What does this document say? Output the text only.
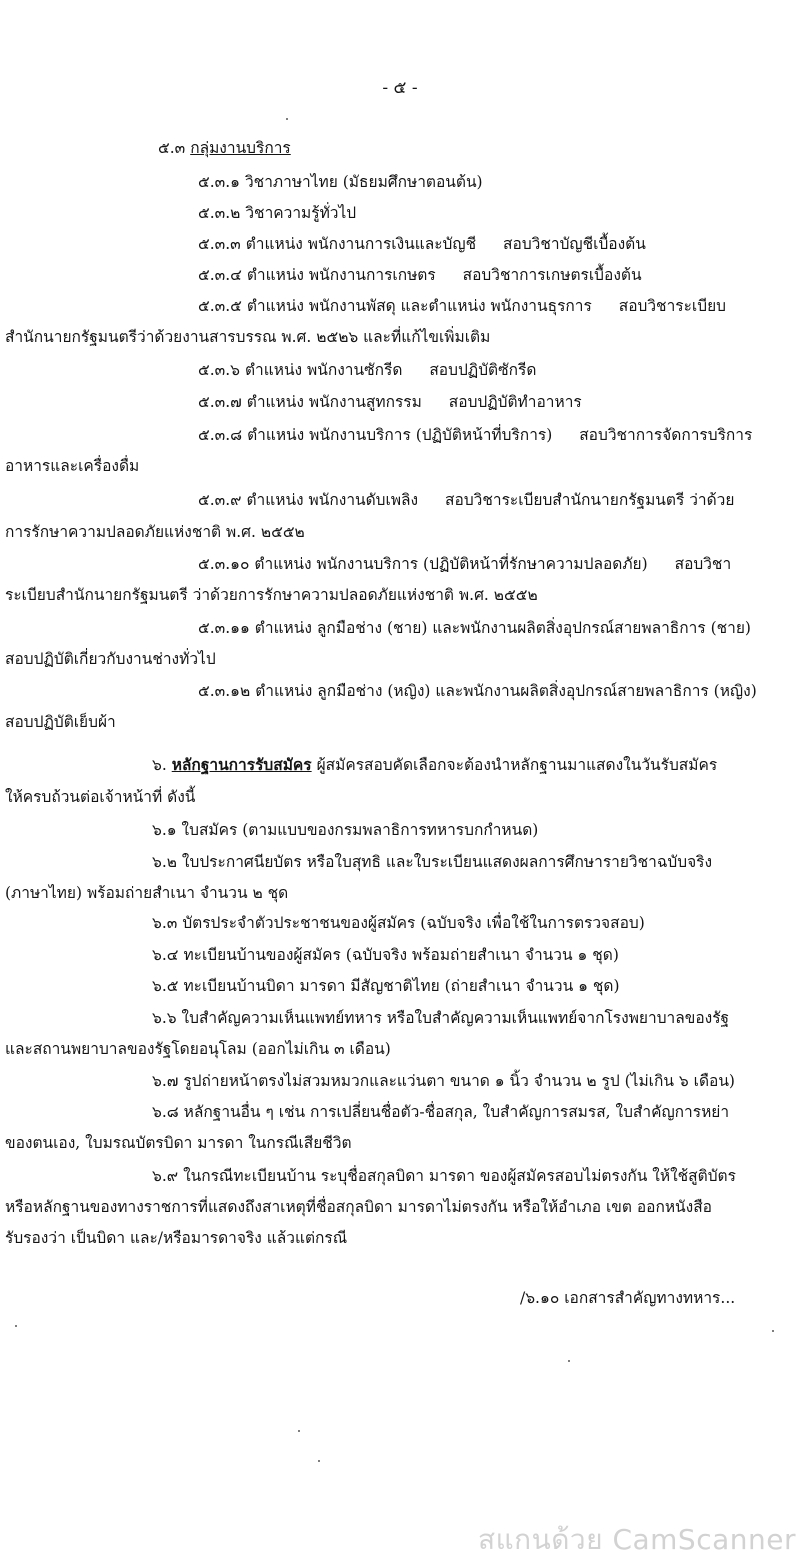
- ๕ -
๕.๓ กลุ่มงานบริการ
๕.๓.๑ วิชาภาษาไทย (มัธยมศึกษาตอนต้น)
๕.๓.๒ วิชาความรู้ทั่วไป
๕.๓.๓ ตำแหน่ง พนักงานการเงินและบัญชี สอบวิชาบัญชีเบื้องต้น
๕.๓.๔ ตำแหน่ง พนักงานการเกษตร สอบวิชาการเกษตรเบื้องต้น
๕.๓.๕ ตำแหน่ง พนักงานพัสดุ และตำแหน่ง พนักงานธุรการ สอบวิชาระเบียบ
สำนักนายกรัฐมนตรีว่าด้วยงานสารบรรณ พ.ศ. ๒๕๒๖ และที่แก้ไขเพิ่มเติม
๕.๓.๖ ตำแหน่ง พนักงานซักรีด สอบปฏิบัติซักรีด
๕.๓.๗ ตำแหน่ง พนักงานสูทกรรม สอบปฏิบัติทำอาหาร
๕.๓.๘ ตำแหน่ง พนักงานบริการ (ปฏิบัติหน้าที่บริการ) สอบวิชาการจัดการบริการ
อาหารและเครื่องดื่ม
๕.๓.๙ ตำแหน่ง พนักงานดับเพลิง สอบวิชาระเบียบสำนักนายกรัฐมนตรี ว่าด้วย
การรักษาความปลอดภัยแห่งชาติ พ.ศ. ๒๕๕๒
๕.๓.๑๐ ตำแหน่ง พนักงานบริการ (ปฏิบัติหน้าที่รักษาความปลอดภัย) สอบวิชา
ระเบียบสำนักนายกรัฐมนตรี ว่าด้วยการรักษาความปลอดภัยแห่งชาติ พ.ศ. ๒๕๕๒
๕.๓.๑๑ ตำแหน่ง ลูกมือช่าง (ชาย) และพนักงานผลิตสิ่งอุปกรณ์สายพลาธิการ (ชาย)
สอบปฏิบัติเกี่ยวกับงานช่างทั่วไป
๕.๓.๑๒ ตำแหน่ง ลูกมือช่าง (หญิง) และพนักงานผลิตสิ่งอุปกรณ์สายพลาธิการ (หญิง)
สอบปฏิบัติเย็บผ้า
๖. หลักฐานการรับสมัคร ผู้สมัครสอบคัดเลือกจะต้องนำหลักฐานมาแสดงในวันรับสมัคร
ให้ครบถ้วนต่อเจ้าหน้าที่ ดังนี้
๖.๑ ใบสมัคร (ตามแบบของกรมพลาธิการทหารบกกำหนด)
๖.๒ ใบประกาศนียบัตร หรือใบสุทธิ และใบระเบียนแสดงผลการศึกษารายวิชาฉบับจริง
(ภาษาไทย) พร้อมถ่ายสำเนา จำนวน ๒ ชุด
๖.๓ บัตรประจำตัวประชาชนของผู้สมัคร (ฉบับจริง เพื่อใช้ในการตรวจสอบ)
๖.๔ ทะเบียนบ้านของผู้สมัคร (ฉบับจริง พร้อมถ่ายสำเนา จำนวน ๑ ชุด)
๖.๕ ทะเบียนบ้านบิดา มารดา มีสัญชาติไทย (ถ่ายสำเนา จำนวน ๑ ชุด)
๖.๖ ใบสำคัญความเห็นแพทย์ทหาร หรือใบสำคัญความเห็นแพทย์จากโรงพยาบาลของรัฐ
และสถานพยาบาลของรัฐโดยอนุโลม (ออกไม่เกิน ๓ เดือน)
๖.๗ รูปถ่ายหน้าตรงไม่สวมหมวกและแว่นตา ขนาด ๑ นิ้ว จำนวน ๒ รูป (ไม่เกิน ๖ เดือน)
๖.๘ หลักฐานอื่น ๆ เช่น การเปลี่ยนชื่อตัว-ชื่อสกุล, ใบสำคัญการสมรส, ใบสำคัญการหย่า
ของตนเอง, ใบมรณบัตรบิดา มารดา ในกรณีเสียชีวิต
๖.๙ ในกรณีทะเบียนบ้าน ระบุชื่อสกุลบิดา มารดา ของผู้สมัครสอบไม่ตรงกัน ให้ใช้สูติบัตร
หรือหลักฐานของทางราชการที่แสดงถึงสาเหตุที่ชื่อสกุลบิดา มารดาไม่ตรงกัน หรือให้อำเภอ เขต ออกหนังสือ
รับรองว่า เป็นบิดา และ/หรือมารดาจริง แล้วแต่กรณี
/๖.๑๐ เอกสารสำคัญทางทหาร...
สแกนด้วย CamScanner
